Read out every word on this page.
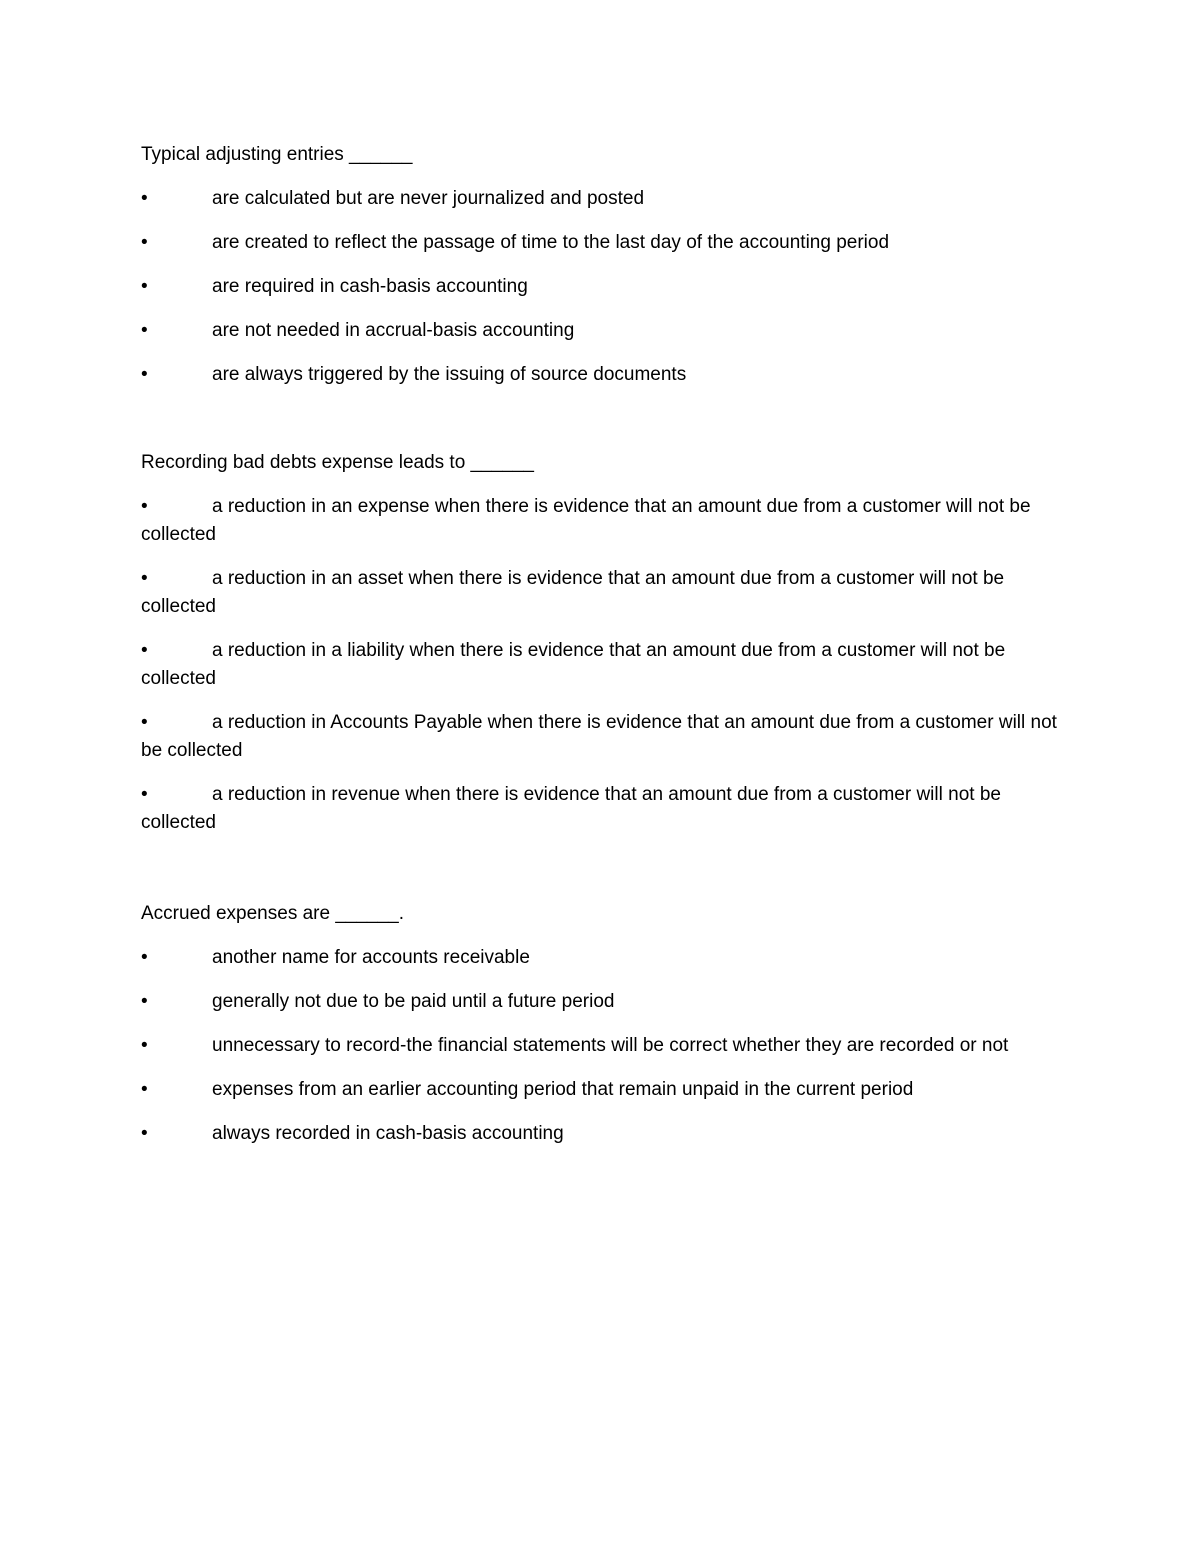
Typical adjusting entries ______

•	are calculated but are never journalized and posted
•	are created to reflect the passage of time to the last day of the accounting period
•	are required in cash-basis accounting
•	are not needed in accrual-basis accounting
•	are always triggered by the issuing of source documents

Recording bad debts expense leads to ______

•	a reduction in an expense when there is evidence that an amount due from a customer will not be collected
•	a reduction in an asset when there is evidence that an amount due from a customer will not be collected
•	a reduction in a liability when there is evidence that an amount due from a customer will not be collected
•	a reduction in Accounts Payable when there is evidence that an amount due from a customer will not be collected
•	a reduction in revenue when there is evidence that an amount due from a customer will not be collected

Accrued expenses are ______.

•	another name for accounts receivable
•	generally not due to be paid until a future period
•	unnecessary to record-the financial statements will be correct whether they are recorded or not
•	expenses from an earlier accounting period that remain unpaid in the current period
•	always recorded in cash-basis accounting
